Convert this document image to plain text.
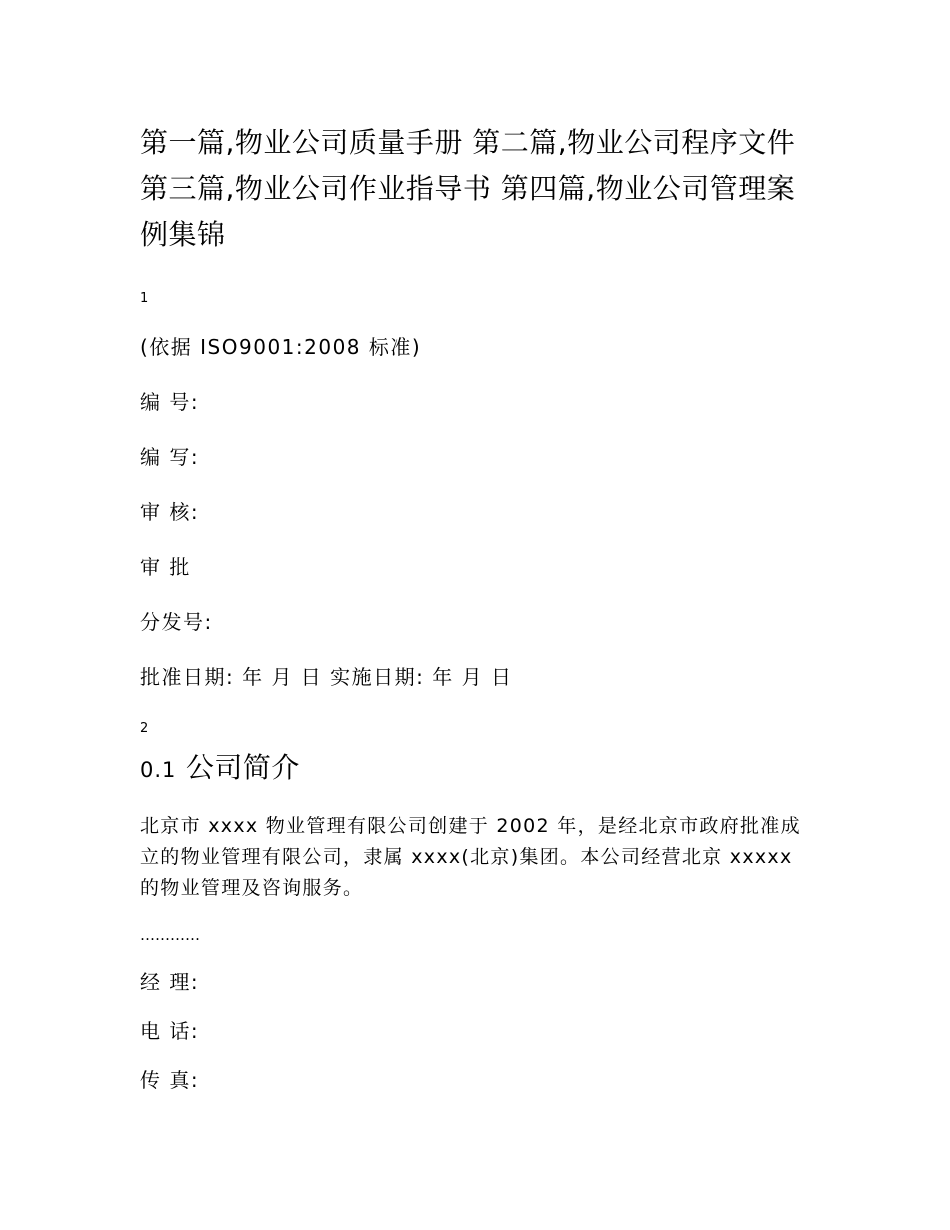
第一篇,物业公司质量手册 第二篇,物业公司程序文件 第三篇,物业公司作业指导书 第四篇,物业公司管理案例集锦
1
(依据 ISO9001:2008 标准)
编 号:
编 写:
审 核:
审 批
分发号:
批准日期: 年 月 日 实施日期: 年 月 日
2
0.1 公司简介
北京市 xxxx 物业管理有限公司创建于 2002 年，是经北京市政府批准成立的物业管理有限公司，隶属 xxxx(北京)集团。本公司经营北京 xxxxx 的物业管理及咨询服务。
…………
经 理:
电 话:
传 真:
